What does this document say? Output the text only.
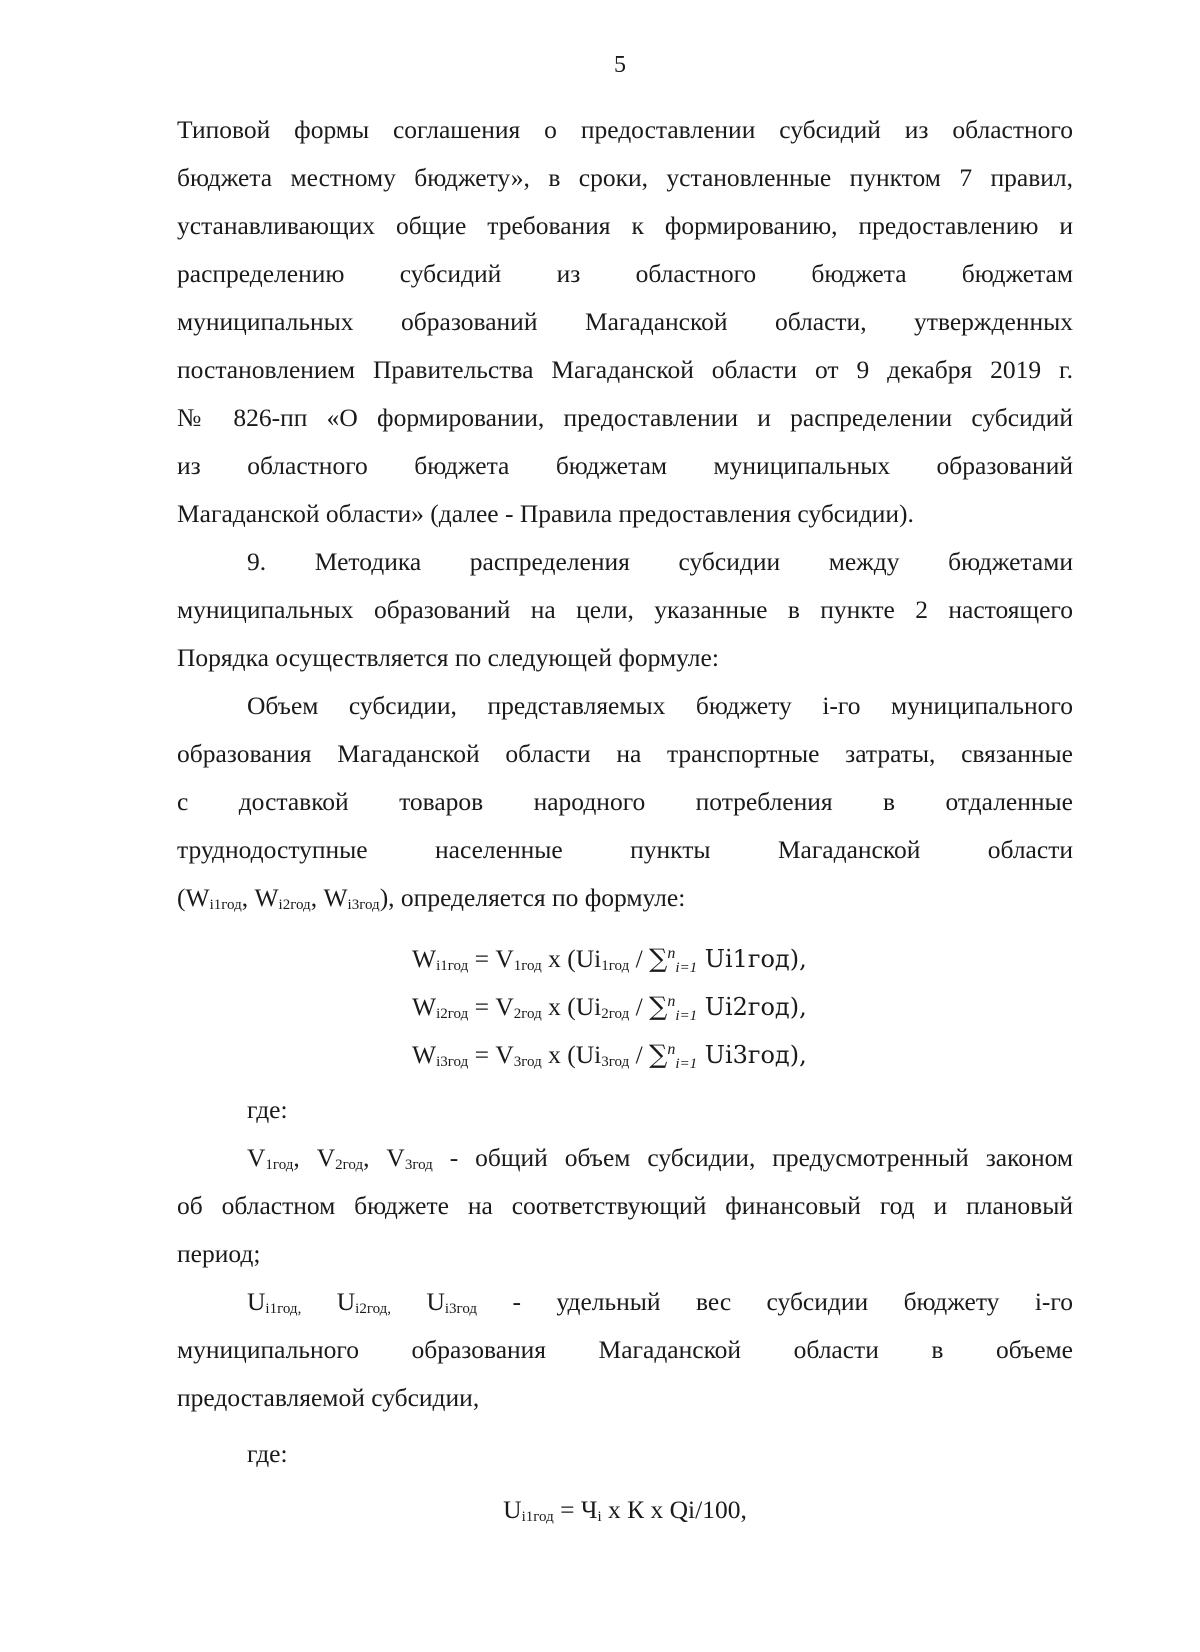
5
Типовой формы соглашения о предоставлении субсидий из областного
бюджета местному бюджету», в сроки, установленные пунктом 7 правил,
устанавливающих общие требования к формированию, предоставлению и
распределению субсидий из областного бюджета бюджетам
муниципальных образований Магаданской области, утвержденных
постановлением Правительства Магаданской области от 9 декабря 2019 г.
№ 826-пп «О формировании, предоставлении и распределении субсидий
из областного бюджета бюджетам муниципальных образований
Магаданской области» (далее - Правила предоставления субсидии).
9. Методика распределения субсидии между бюджетами
муниципальных образований на цели, указанные в пункте 2 настоящего
Порядка осуществляется по следующей формуле:
Объем субсидии, представляемых бюджету i-го муниципального
образования Магаданской области на транспортные затраты, связанные
с доставкой товаров народного потребления в отдаленные
труднодоступные населенные пункты Магаданской области
($W_{i1год}$, $W_{i2год}$, $W_{i3год}$), определяется по формуле:
$W_{i1год} = V_{1год}$ x ($Ui_{1год} / \sum^ni=1$ Ui1год),
$W_{i2год} = V_{2год}$ x ($Ui_{2год} / \sum^ni=1$ Ui2год),
$W_{i3год} = V_{3год}$ x ($Ui_{3год} / \sum^ni=1$ Ui3год),
где:
$V_{1год}$, $V_{2год}$, $V_{3год}$ - общий объем субсидии, предусмотренный законом
об областном бюджете на соответствующий финансовый год и плановый
период;
$U_{i1год,}$ $U_{i2год,}$ $U_{i3год}$ - удельный вес субсидии бюджету i-го
муниципального образования Магаданской области в объеме
предоставляемой субсидии,
где:
$U_{i1год} = Ч_i$ x К x Qi/100,
